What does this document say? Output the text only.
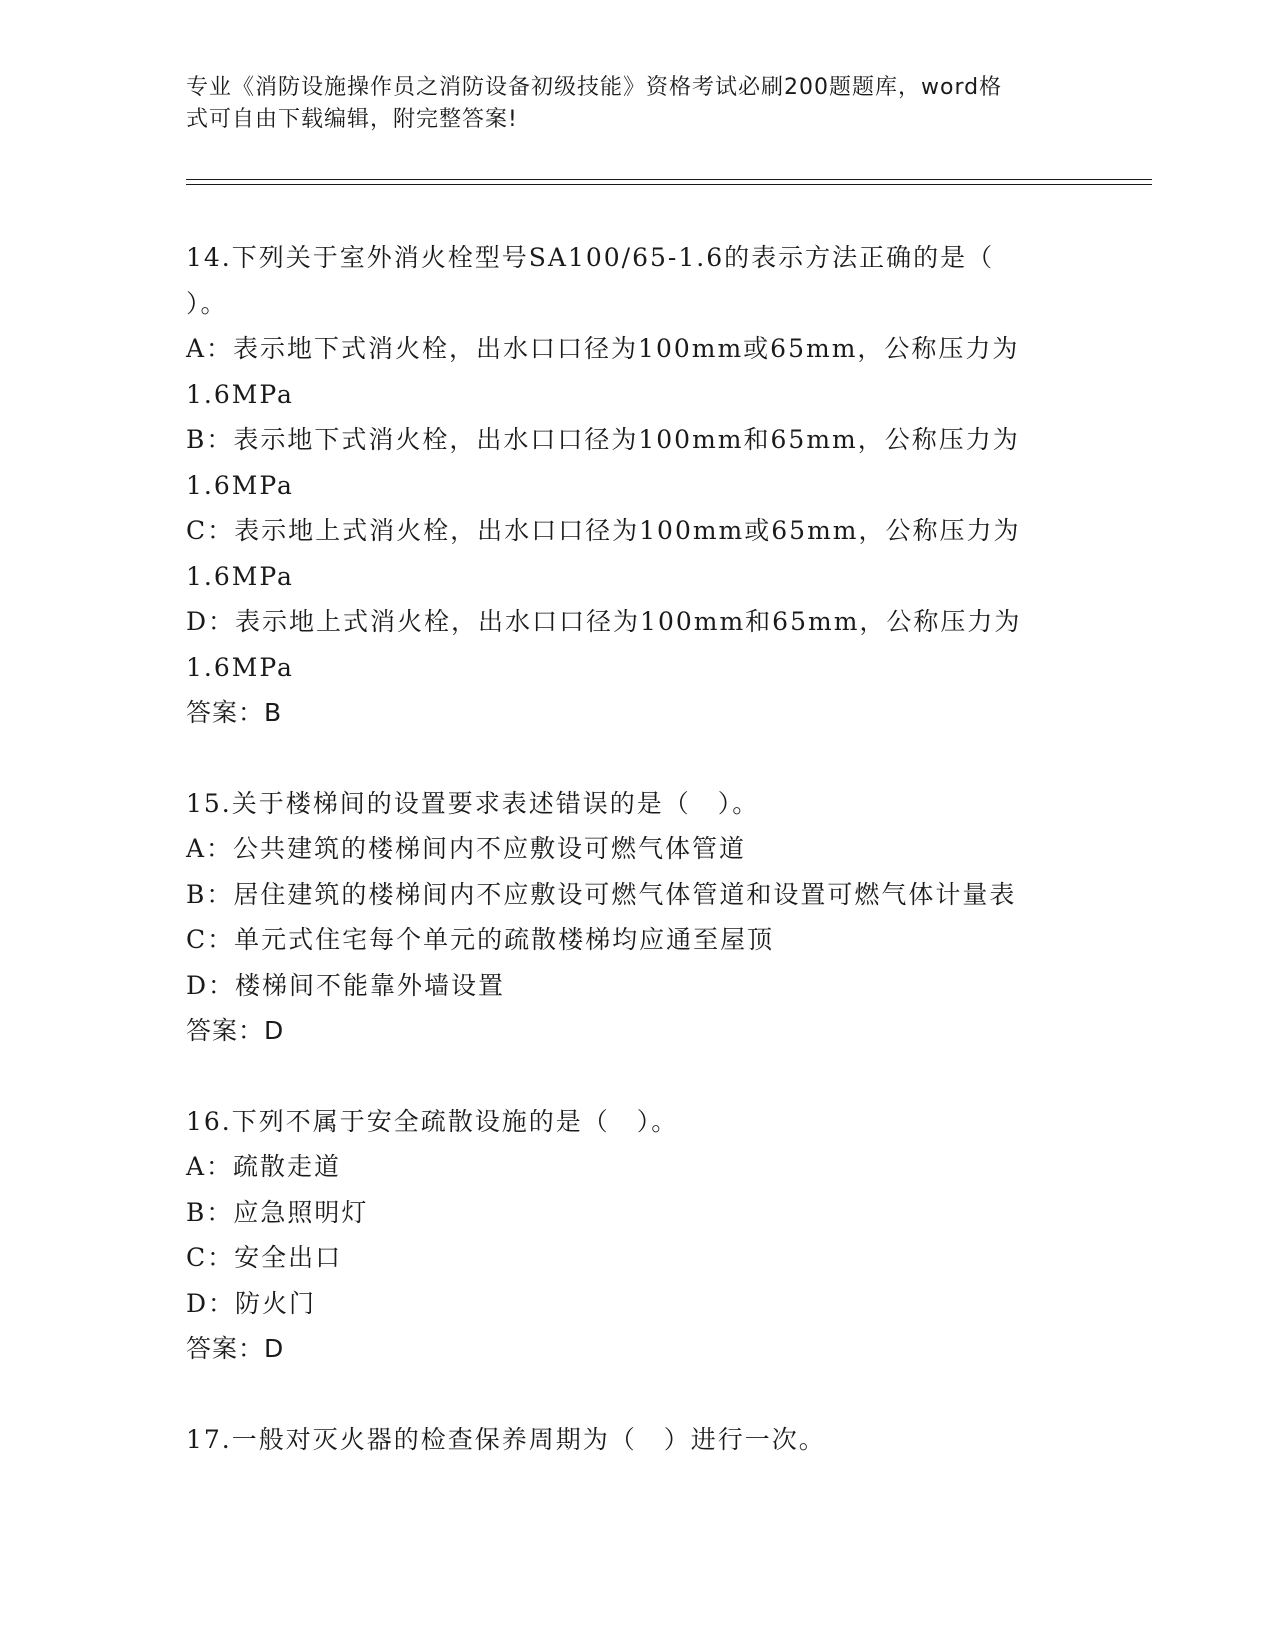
专业《消防设施操作员之消防设备初级技能》资格考试必刷200题题库，word格
式可自由下载编辑，附完整答案!
14.下列关于室外消火栓型号SA100/65-1.6的表示方法正确的是（
）。
A：表示地下式消火栓，出水口口径为100mm或65mm，公称压力为
1.6MPa
B：表示地下式消火栓，出水口口径为100mm和65mm，公称压力为
1.6MPa
C：表示地上式消火栓，出水口口径为100mm或65mm，公称压力为
1.6MPa
D：表示地上式消火栓，出水口口径为100mm和65mm，公称压力为
1.6MPa
答案：B
15.关于楼梯间的设置要求表述错误的是（　）。
A：公共建筑的楼梯间内不应敷设可燃气体管道
B：居住建筑的楼梯间内不应敷设可燃气体管道和设置可燃气体计量表
C：单元式住宅每个单元的疏散楼梯均应通至屋顶
D：楼梯间不能靠外墙设置
答案：D
16.下列不属于安全疏散设施的是（　）。
A：疏散走道
B：应急照明灯
C：安全出口
D：防火门
答案：D
17.一般对灭火器的检查保养周期为（　）进行一次。
